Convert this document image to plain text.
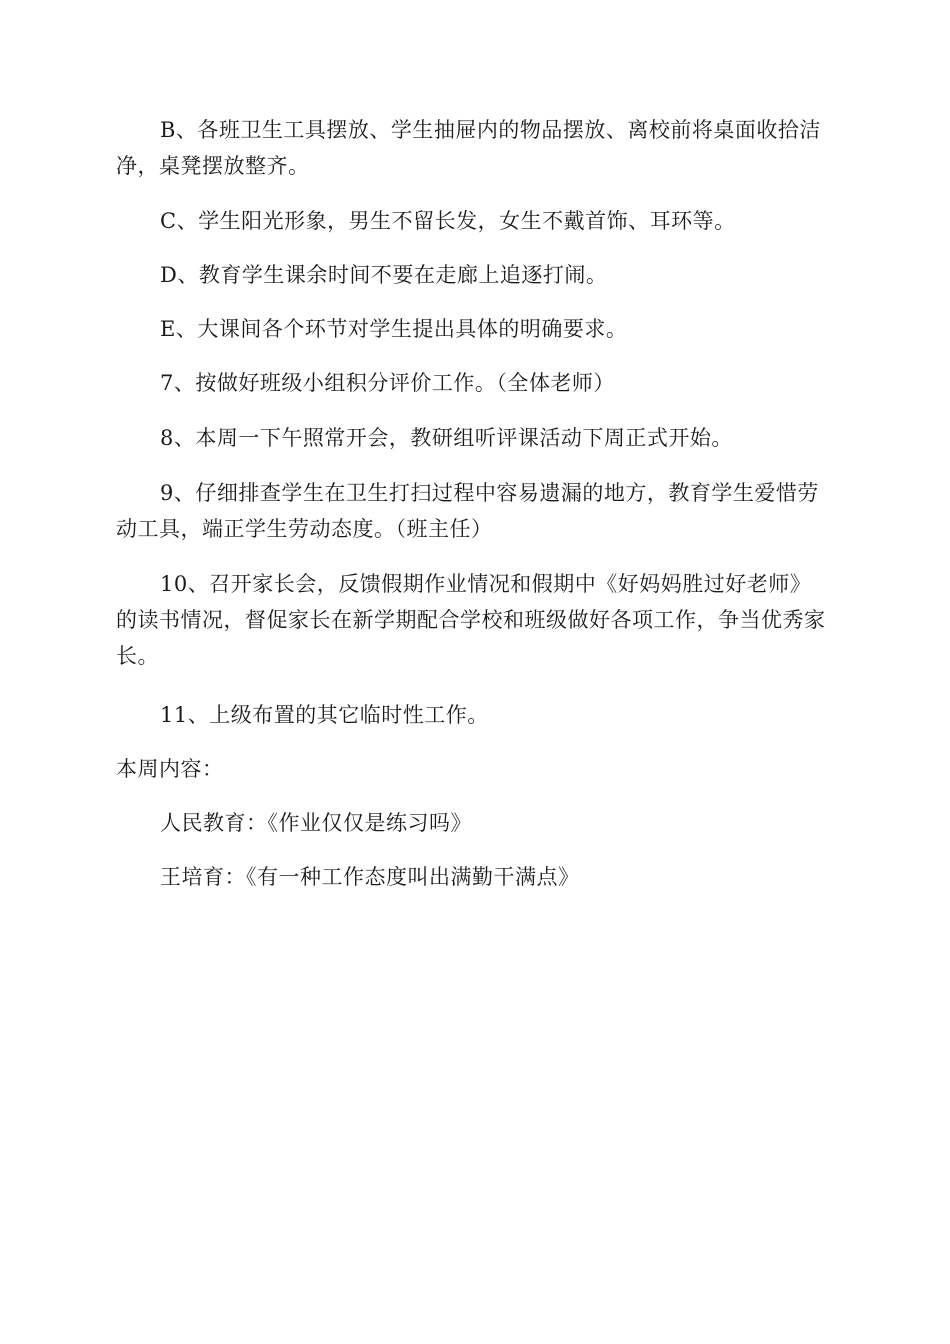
B、各班卫生工具摆放、学生抽屉内的物品摆放、离校前将桌面收拾洁净，桌凳摆放整齐。

C、学生阳光形象，男生不留长发，女生不戴首饰、耳环等。

D、教育学生课余时间不要在走廊上追逐打闹。

E、大课间各个环节对学生提出具体的明确要求。

7、按做好班级小组积分评价工作。（全体老师）

8、本周一下午照常开会，教研组听评课活动下周正式开始。

9、仔细排查学生在卫生打扫过程中容易遗漏的地方，教育学生爱惜劳动工具，端正学生劳动态度。（班主任）

10、召开家长会，反馈假期作业情况和假期中《好妈妈胜过好老师》的读书情况，督促家长在新学期配合学校和班级做好各项工作，争当优秀家长。

11、上级布置的其它临时性工作。

本周内容：

人民教育：《作业仅仅是练习吗》

王培育：《有一种工作态度叫出满勤干满点》
